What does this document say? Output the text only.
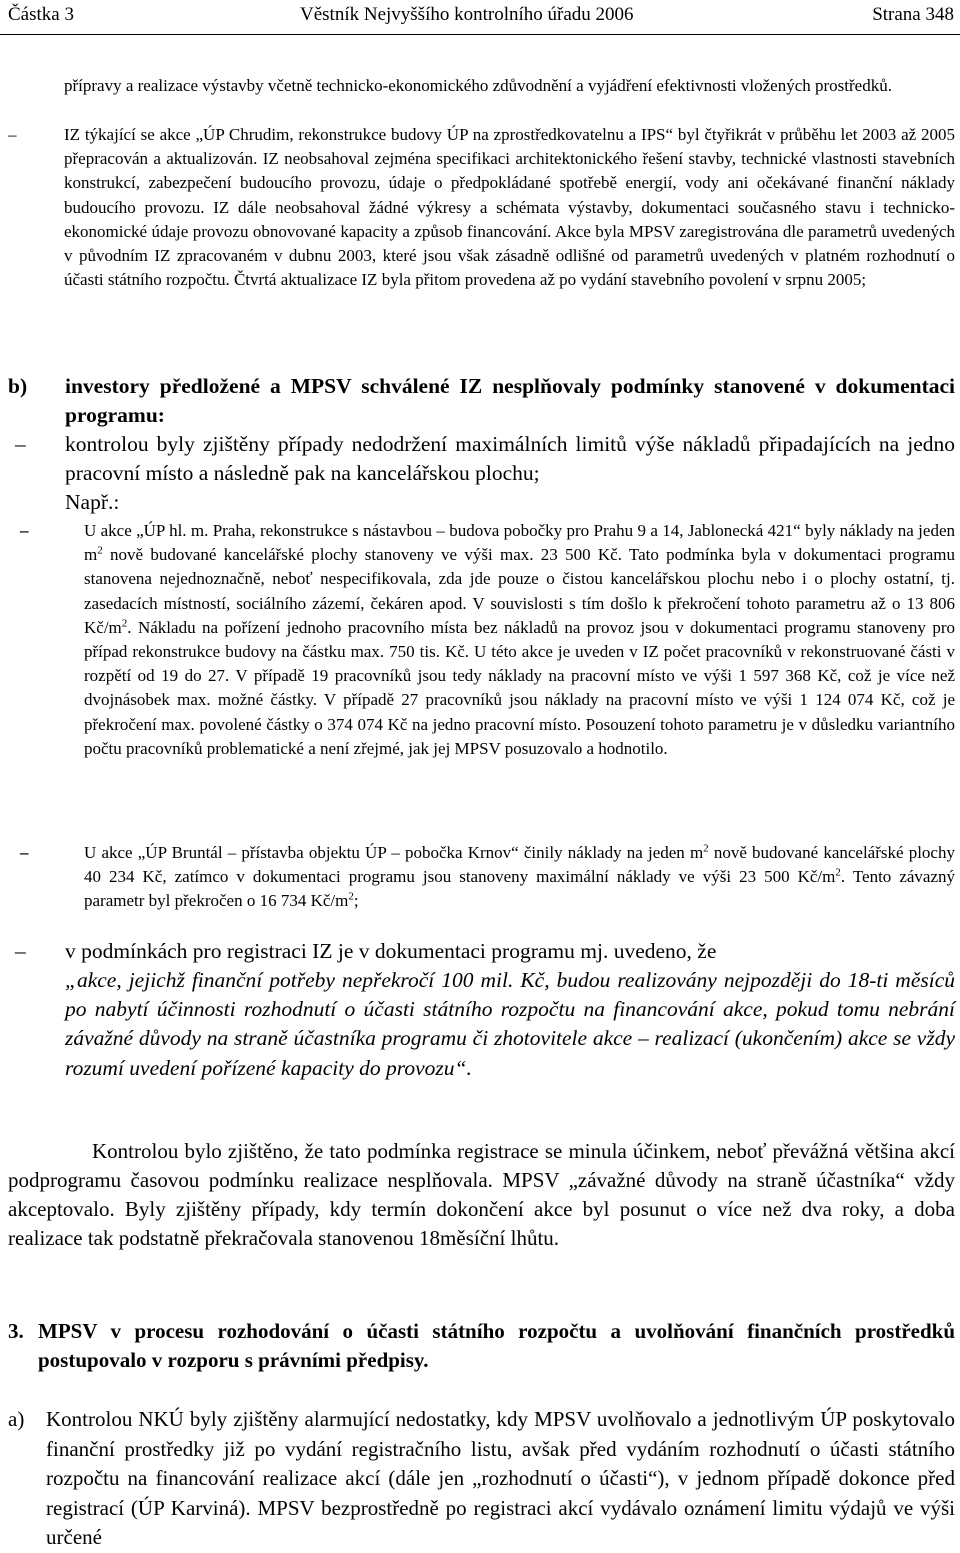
Částka 3	Věstník Nejvyššího kontrolního úřadu 2006	Strana 348

přípravy a realizace výstavby včetně technicko-ekonomického zdůvodnění a vyjádření efektivnosti vložených prostředků.

–	IZ týkající se akce „ÚP Chrudim, rekonstrukce budovy ÚP na zprostředkovatelnu a IPS“ byl čtyřikrát v průběhu let 2003 až 2005 přepracován a aktualizován. IZ neobsahoval zejména specifikaci architektonického řešení stavby, technické vlastnosti stavebních konstrukcí, zabezpečení budoucího provozu, údaje o předpokládané spotřebě energií, vody ani očekávané finanční náklady budoucího provozu. IZ dále neobsahoval žádné výkresy a schémata výstavby, dokumentaci současného stavu i technicko-ekonomické údaje provozu obnovované kapacity a způsob financování. Akce byla MPSV zaregistrována dle parametrů uvedených v původním IZ zpracovaném v dubnu 2003, které jsou však zásadně odlišné od parametrů uvedených v platném rozhodnutí o účasti státního rozpočtu. Čtvrtá aktualizace IZ byla přitom provedena až po vydání stavebního povolení v srpnu 2005;

b) investory předložené a MPSV schválené IZ nesplňovaly podmínky stanovené v dokumentaci programu:

– kontrolou byly zjištěny případy nedodržení maximálních limitů výše nákladů připadajících na jedno pracovní místo a následně pak na kancelářskou plochu;

Např.:

–	U akce „ÚP hl. m. Praha, rekonstrukce s nástavbou – budova pobočky pro Prahu 9 a 14, Jablonecká 421“ byly náklady na jeden $m^2$ nově budované kancelářské plochy stanoveny ve výši max. 23 500 Kč. Tato podmínka byla v dokumentaci programu stanovena nejednoznačně, neboť nespecifikovala, zda jde pouze o čistou kancelářskou plochu nebo i o plochy ostatní, tj. zasedacích místností, sociálního zázemí, čekáren apod. V souvislosti s tím došlo k překročení tohoto parametru až o 13 806 $Kč/m^2$. Nákladu na pořízení jednoho pracovního místa bez nákladů na provoz jsou v dokumentaci programu stanoveny pro případ rekonstrukce budovy na částku max. 750 tis. Kč. U této akce je uveden v IZ počet pracovníků v rekonstruované části v rozpětí od 19 do 27. V případě 19 pracovníků jsou tedy náklady na pracovní místo ve výši 1 597 368 Kč, což je více než dvojnásobek max. možné částky. V případě 27 pracovníků jsou náklady na pracovní místo ve výši 1 124 074 Kč, což je překročení max. povolené částky o 374 074 Kč na jedno pracovní místo. Posouzení tohoto parametru je v důsledku variantního počtu pracovníků problematické a není zřejmé, jak jej MPSV posuzovalo a hodnotilo.

–	U akce „ÚP Bruntál – přístavba objektu ÚP – pobočka Krnov“ činily náklady na jeden $m^2$ nově budované kancelářské plochy 40 234 Kč, zatímco v dokumentaci programu jsou stanoveny maximální náklady ve výši 23 500 $Kč/m^2$. Tento závazný parametr byl překročen o 16 734 $Kč/m^2$;

– v podmínkách pro registraci IZ je v dokumentaci programu mj. uvedeno, že

„akce, jejichž finanční potřeby nepřekročí 100 mil. Kč, budou realizovány nejpozději do 18-ti měsíců po nabytí účinnosti rozhodnutí o účasti státního rozpočtu na financování akce, pokud tomu nebrání závažné důvody na straně účastníka programu či zhotovitele akce – realizací (ukončením) akce se vždy rozumí uvedení pořízené kapacity do provozu“.

Kontrolou bylo zjištěno, že tato podmínka registrace se minula účinkem, neboť převážná většina akcí podprogramu časovou podmínku realizace nesplňovala. MPSV „závažné důvody na straně účastníka“ vždy akceptovalo. Byly zjištěny případy, kdy termín dokončení akce byl posunut o více než dva roky, a doba realizace tak podstatně překračovala stanovenou 18měsíční lhůtu.

3. MPSV v procesu rozhodování o účasti státního rozpočtu a uvolňování finančních prostředků postupovalo v rozporu s právními předpisy.

a) Kontrolou NKÚ byly zjištěny alarmující nedostatky, kdy MPSV uvolňovalo a jednotlivým ÚP poskytovalo finanční prostředky již po vydání registračního listu, avšak před vydáním rozhodnutí o účasti státního rozpočtu na financování realizace akcí (dále jen „rozhodnutí o účasti“), v jednom případě dokonce před registrací (ÚP Karviná). MPSV bezprostředně po registraci akcí vydávalo oznámení limitu výdajů ve výši určené
